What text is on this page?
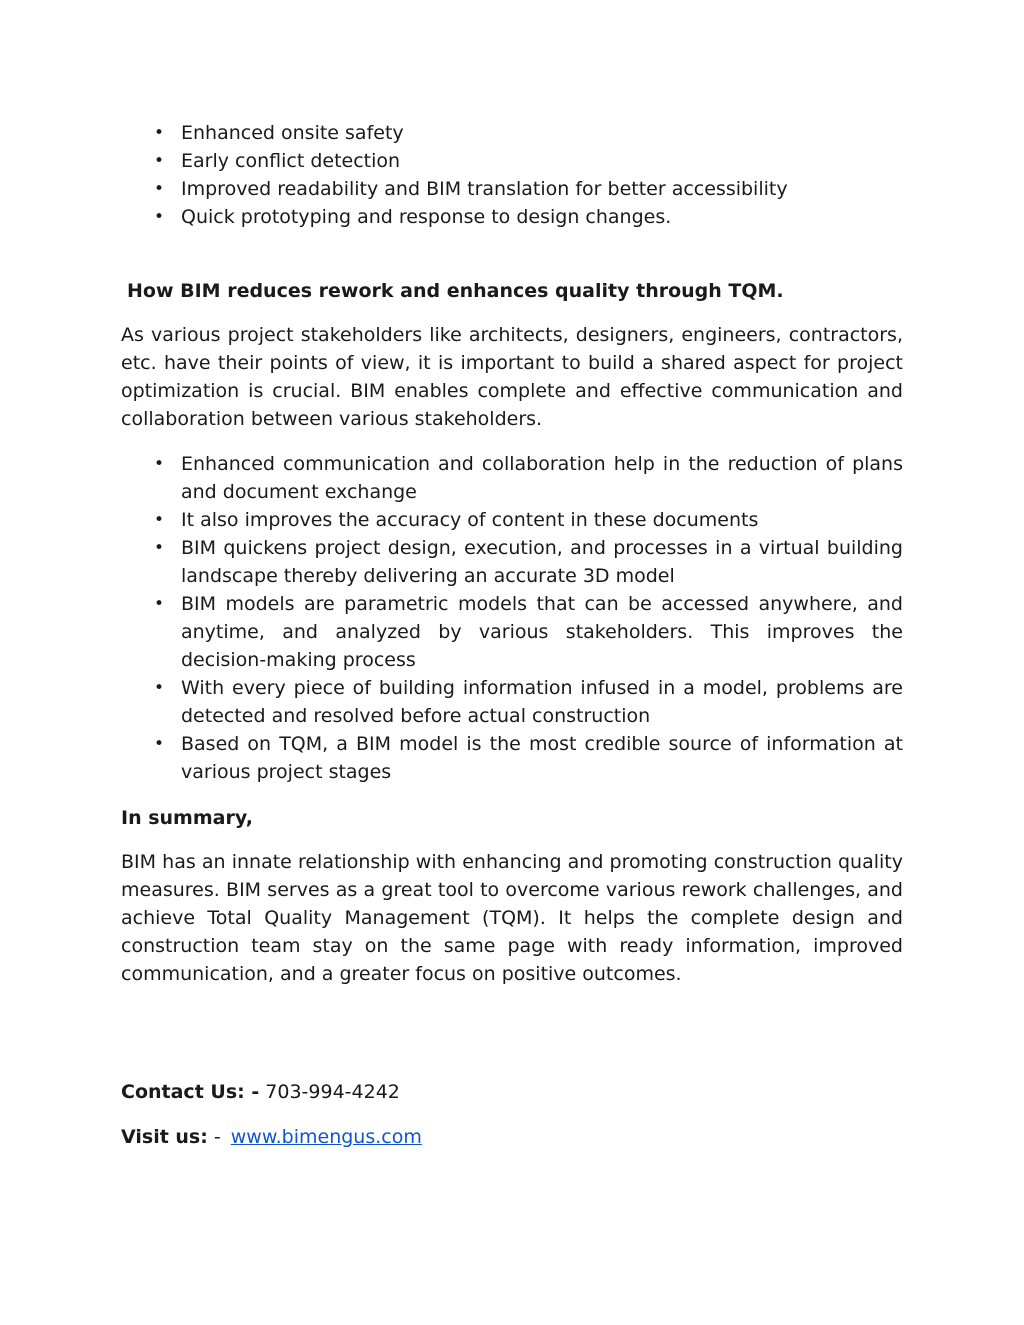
• Enhanced onsite safety
• Early conflict detection
• Improved readability and BIM translation for better accessibility
• Quick prototyping and response to design changes.
How BIM reduces rework and enhances quality through TQM.

As various project stakeholders like architects, designers, engineers, contractors, etc. have their points of view, it is important to build a shared aspect for project optimization is crucial. BIM enables complete and effective communication and collaboration between various stakeholders.

• Enhanced communication and collaboration help in the reduction of plans and document exchange
• It also improves the accuracy of content in these documents
• BIM quickens project design, execution, and processes in a virtual building landscape thereby delivering an accurate 3D model
• BIM models are parametric models that can be accessed anywhere, and anytime, and analyzed by various stakeholders. This improves the decision-making process
• With every piece of building information infused in a model, problems are detected and resolved before actual construction
• Based on TQM, a BIM model is the most credible source of information at various project stages
In summary,

BIM has an innate relationship with enhancing and promoting construction quality measures. BIM serves as a great tool to overcome various rework challenges, and achieve Total Quality Management (TQM). It helps the complete design and construction team stay on the same page with ready information, improved communication, and a greater focus on positive outcomes.

Contact Us: - 703-994-4242
Visit us: - www.bimengus.com
